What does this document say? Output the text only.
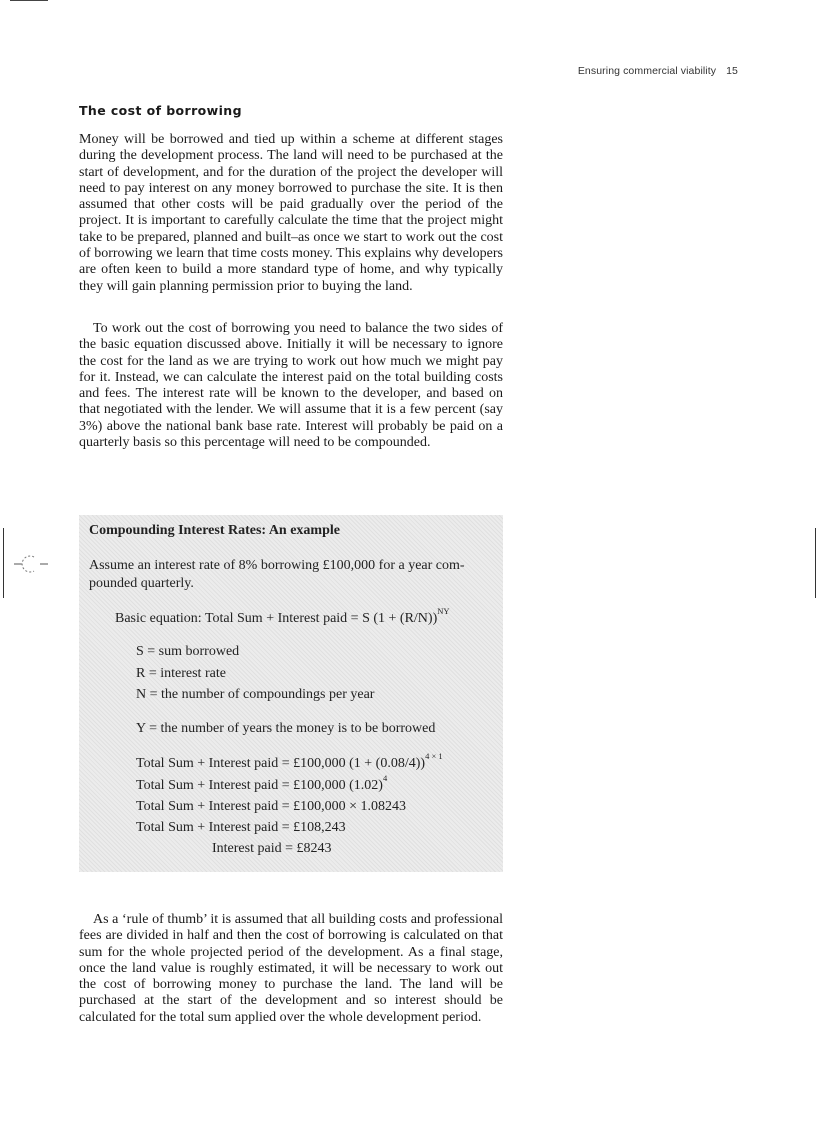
Ensuring commercial viability 15
The cost of borrowing

Money will be borrowed and tied up within a scheme at different stages during the development process. The land will need to be purchased at the start of development, and for the duration of the project the developer will need to pay interest on any money borrowed to purchase the site. It is then assumed that other costs will be paid gradually over the period of the project. It is important to carefully calculate the time that the project might take to be prepared, planned and built–as once we start to work out the cost of borrowing we learn that time costs money. This explains why developers are often keen to build a more standard type of home, and why typically they will gain planning permission prior to buying the land.

To work out the cost of borrowing you need to balance the two sides of the basic equation discussed above. Initially it will be necessary to ignore the cost for the land as we are trying to work out how much we might pay for it. Instead, we can calculate the interest paid on the total building costs and fees. The interest rate will be known to the developer, and based on that negotiated with the lender. We will assume that it is a few percent (say 3%) above the national bank base rate. Interest will probably be paid on a quarterly basis so this percentage will need to be compounded.

Compounding Interest Rates: An example

Assume an interest rate of 8% borrowing £100,000 for a year compounded quarterly.

Basic equation: Total Sum + Interest paid = S $(1 + (R/N))^{NY}$
S = sum borrowed
R = interest rate
N = the number of compoundings per year
Y = the number of years the money is to be borrowed
Total Sum + Interest paid = £100,000 $(1 + (0.08/4))^{4 \times 1}$
Total Sum + Interest paid = £100,000 $(1.02)^4$
Total Sum + Interest paid = £100,000 × 1.08243
Total Sum + Interest paid = £108,243
Interest paid = £8243

As a ‘rule of thumb’ it is assumed that all building costs and professional fees are divided in half and then the cost of borrowing is calculated on that sum for the whole projected period of the development. As a final stage, once the land value is roughly estimated, it will be necessary to work out the cost of borrowing money to purchase the land. The land will be purchased at the start of the development and so interest should be calculated for the total sum applied over the whole development period.
